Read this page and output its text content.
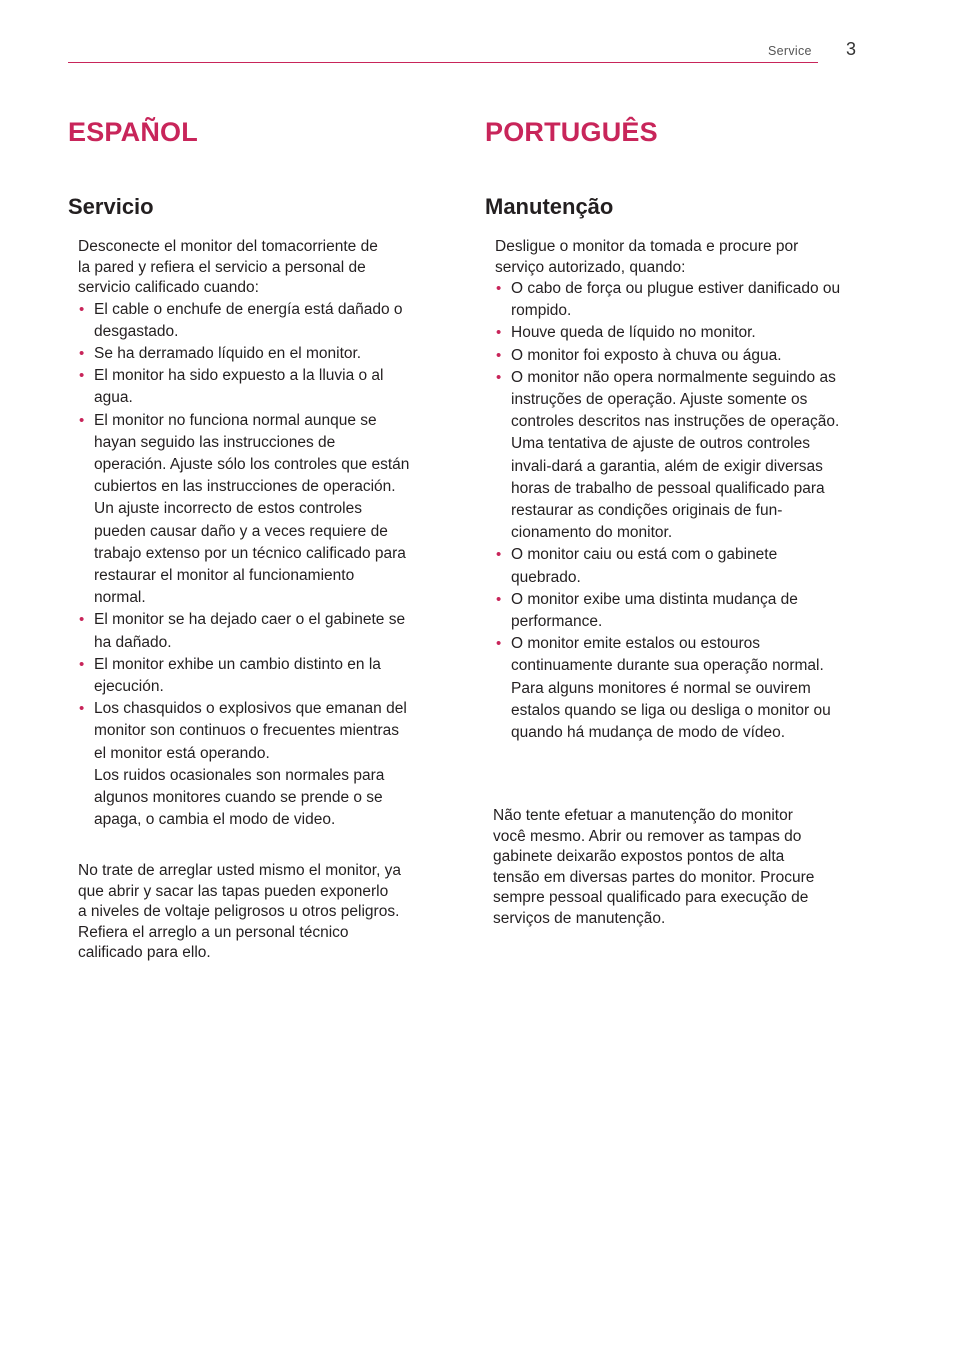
Service 3
ESPAÑOL
Servicio

Desconecte el monitor del tomacorriente de
la pared y refiera el servicio a personal de
servicio calificado cuando:

• El cable o enchufe de energía está dañado o desgastado.
• Se ha derramado líquido en el monitor.
• El monitor ha sido expuesto a la lluvia o al agua.
• El monitor no funciona normal aunque se hayan seguido las instrucciones de operación. Ajuste sólo los controles que están cubiertos en las instrucciones de operación. Un ajuste incorrecto de estos controles pueden causar daño y a veces requiere de trabajo extenso por un técnico calificado para restaurar el monitor al funcionamiento normal.
• El monitor se ha dejado caer o el gabinete se ha dañado.
• El monitor exhibe un cambio distinto en la ejecución.
• Los chasquidos o explosivos que emanan del monitor son continuos o frecuentes mientras el monitor está operando.
Los ruidos ocasionales son normales para algunos monitores cuando se prende o se apaga, o cambia el modo de video.

No trate de arreglar usted mismo el monitor, ya
que abrir y sacar las tapas pueden exponerlo
a niveles de voltaje peligrosos u otros peligros.
Refiera el arreglo a un personal técnico
calificado para ello.

PORTUGUÊS
Manutenção

Desligue o monitor da tomada e procure por
serviço autorizado, quando:

• O cabo de força ou plugue estiver danificado ou rompido.
• Houve queda de líquido no monitor.
• O monitor foi exposto à chuva ou água.
• O monitor não opera normalmente seguindo as instruções de operação. Ajuste somente os controles descritos nas instruções de operação. Uma tentativa de ajuste de outros controles invali-dará a garantia, além de exigir diversas horas de trabalho de pessoal qualificado para restaurar as condições originais de fun-cionamento do monitor.
• O monitor caiu ou está com o gabinete quebrado.
• O monitor exibe uma distinta mudança de performance.
• O monitor emite estalos ou estouros continuamente durante sua operação normal. Para alguns monitores é normal se ouvirem estalos quando se liga ou desliga o monitor ou quando há mudança de modo de vídeo.

Não tente efetuar a manutenção do monitor
você mesmo. Abrir ou remover as tampas do
gabinete deixarão expostos pontos de alta
tensão em diversas partes do monitor. Procure
sempre pessoal qualificado para execução de
serviços de manutenção.
